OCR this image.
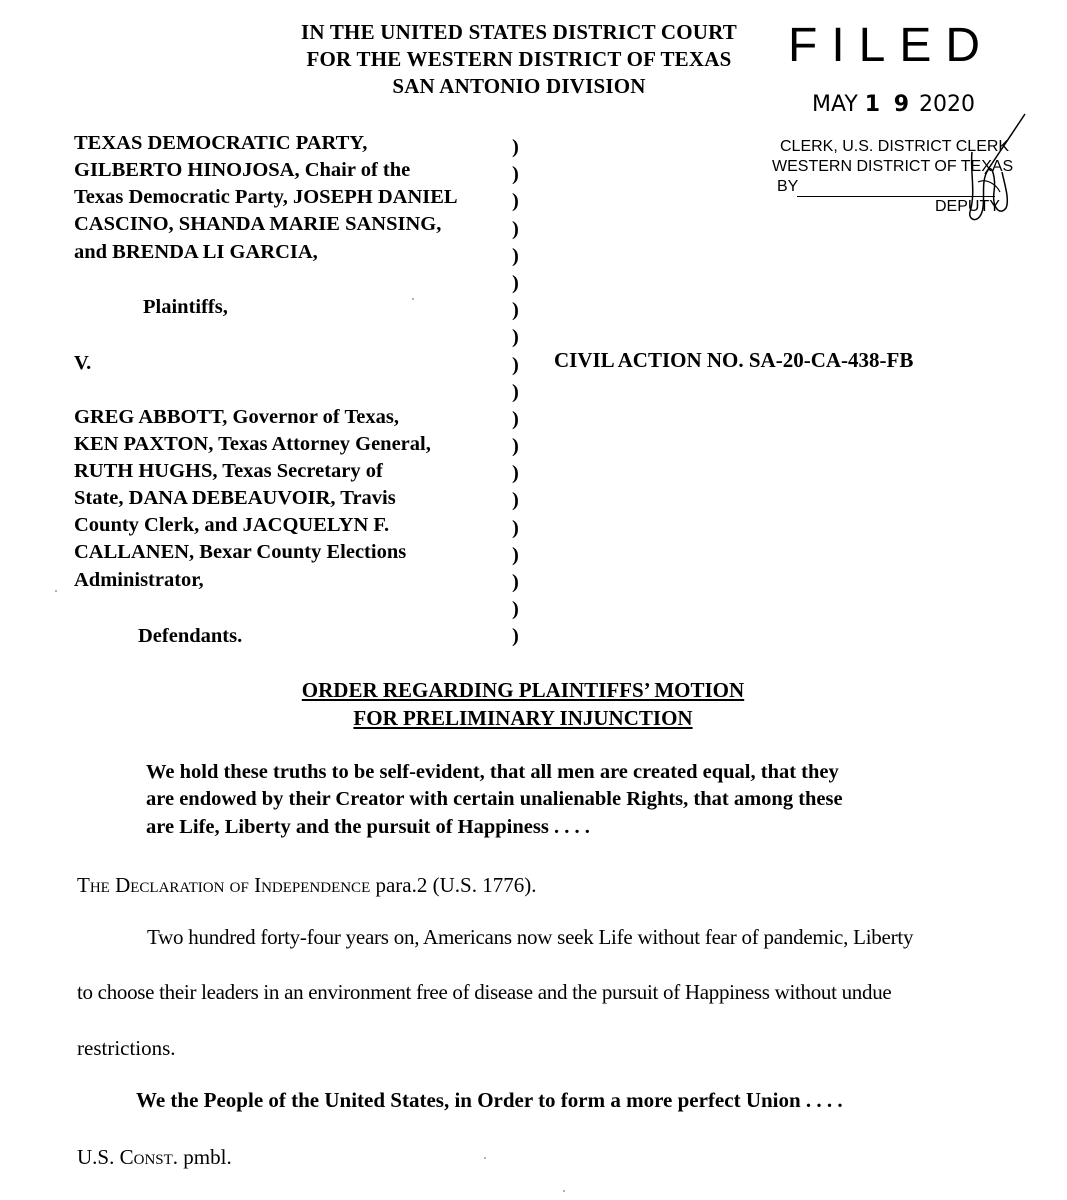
IN THE UNITED STATES DISTRICT COURT
FOR THE WESTERN DISTRICT OF TEXAS
SAN ANTONIO DIVISION
FILED
MAY 1 9 2020
CLERK, U.S. DISTRICT CLERK
WESTERN DISTRICT OF TEXAS
BY
DEPUTY
TEXAS DEMOCRATIC PARTY,
GILBERTO HINOJOSA, Chair of the
Texas Democratic Party, JOSEPH DANIEL
CASCINO, SHANDA MARIE SANSING,
and BRENDA LI GARCIA,
Plaintiffs,
V.
GREG ABBOTT, Governor of Texas,
KEN PAXTON, Texas Attorney General,
RUTH HUGHS, Texas Secretary of
State, DANA DEBEAUVOIR, Travis
County Clerk, and JACQUELYN F.
CALLANEN, Bexar County Elections
Administrator,
Defendants.
)
)
)
)
)
)
)
)
)
)
)
)
)
)
)
)
)
)
)
CIVIL ACTION NO. SA-20-CA-438-FB
ORDER REGARDING PLAINTIFFS’ MOTION
FOR PRELIMINARY INJUNCTION
We hold these truths to be self-evident, that all men are created equal, that they
are endowed by their Creator with certain unalienable Rights, that among these
are Life, Liberty and the pursuit of Happiness . . . .
The Declaration of Independence para.2 (U.S. 1776).
Two hundred forty-four years on, Americans now seek Life without fear of pandemic, Liberty
to choose their leaders in an environment free of disease and the pursuit of Happiness without undue
restrictions.
We the People of the United States, in Order to form a more perfect Union . . . .
U.S. Const. pmbl.
